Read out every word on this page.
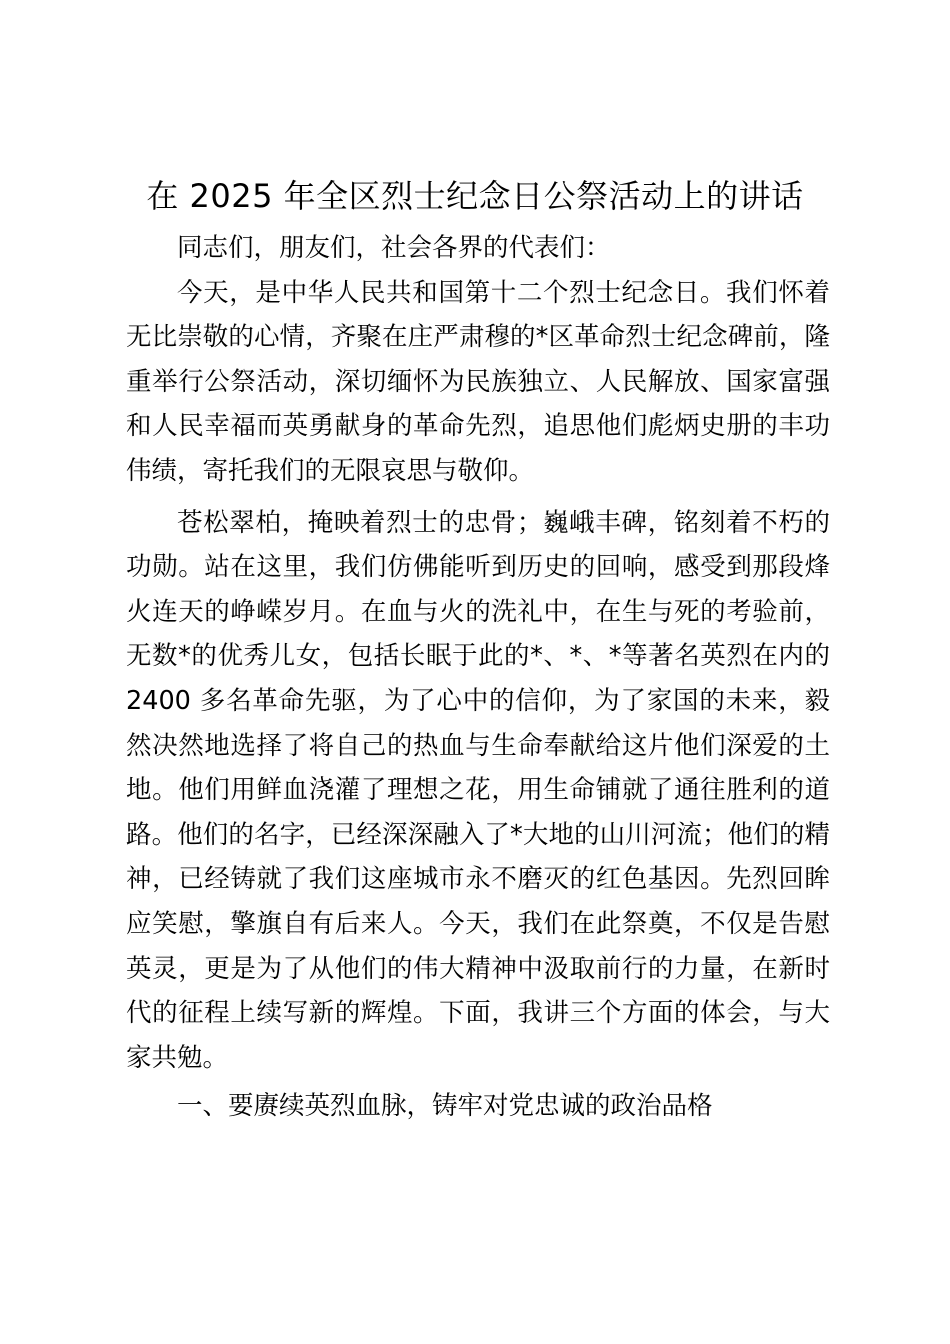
在 2025 年全区烈士纪念日公祭活动上的讲话

同志们，朋友们，社会各界的代表们：

今天，是中华人民共和国第十二个烈士纪念日。我们怀着无比崇敬的心情，齐聚在庄严肃穆的*区革命烈士纪念碑前，隆重举行公祭活动，深切缅怀为民族独立、人民解放、国家富强和人民幸福而英勇献身的革命先烈，追思他们彪炳史册的丰功伟绩，寄托我们的无限哀思与敬仰。

苍松翠柏，掩映着烈士的忠骨；巍峨丰碑，铭刻着不朽的功勋。站在这里，我们仿佛能听到历史的回响，感受到那段烽火连天的峥嵘岁月。在血与火的洗礼中，在生与死的考验前，无数*的优秀儿女，包括长眠于此的*、*、*等著名英烈在内的 2400 多名革命先驱，为了心中的信仰，为了家国的未来，毅然决然地选择了将自己的热血与生命奉献给这片他们深爱的土地。他们用鲜血浇灌了理想之花，用生命铺就了通往胜利的道路。他们的名字，已经深深融入了*大地的山川河流；他们的精神，已经铸就了我们这座城市永不磨灭的红色基因。先烈回眸应笑慰，擎旗自有后来人。今天，我们在此祭奠，不仅是告慰英灵，更是为了从他们的伟大精神中汲取前行的力量，在新时代的征程上续写新的辉煌。下面，我讲三个方面的体会，与大家共勉。

一、要赓续英烈血脉，铸牢对党忠诚的政治品格
